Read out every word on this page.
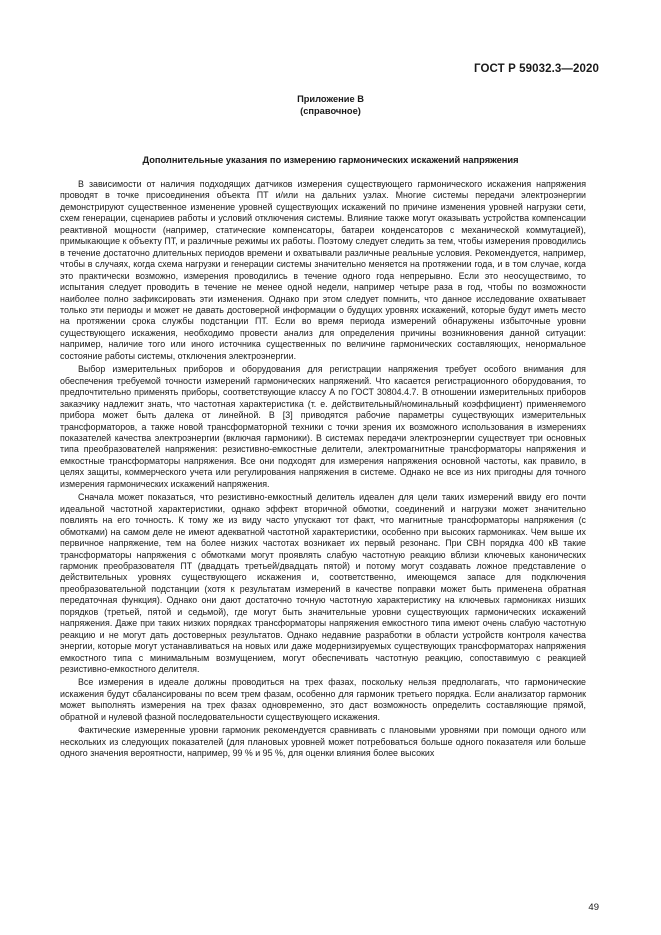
ГОСТ Р 59032.3—2020
Приложение В
(справочное)
Дополнительные указания по измерению гармонических искажений напряжения

В зависимости от наличия подходящих датчиков измерения существующего гармонического искажения напряжения проводят в точке присоединения объекта ПТ и/или на дальних узлах. Многие системы передачи электроэнергии демонстрируют существенное изменение уровней существующих искажений по причине изменения уровней нагрузки сети, схем генерации, сценариев работы и условий отключения системы. Влияние также могут оказывать устройства компенсации реактивной мощности (например, статические компенсаторы, батареи конденсаторов с механической коммутацией), примыкающие к объекту ПТ, и различные режимы их работы. Поэтому следует следить за тем, чтобы измерения проводились в течение достаточно длительных периодов времени и охватывали различные реальные условия. Рекомендуется, например, чтобы в случаях, когда схема нагрузки и генерации системы значительно меняется на протяжении года, и в том случае, когда это практически возможно, измерения проводились в течение одного года непрерывно. Если это неосуществимо, то испытания следует проводить в течение не менее одной недели, например четыре раза в год, чтобы по возможности наиболее полно зафиксировать эти изменения. Однако при этом следует помнить, что данное исследование охватывает только эти периоды и может не давать достоверной информации о будущих уровнях искажений, которые будут иметь место на протяжении срока службы подстанции ПТ. Если во время периода измерений обнаружены избыточные уровни существующего искажения, необходимо провести анализ для определения причины возникновения данной ситуации: например, наличие того или иного источника существенных по величине гармонических составляющих, ненормальное состояние работы системы, отключения электроэнергии.

Выбор измерительных приборов и оборудования для регистрации напряжения требует особого внимания для обеспечения требуемой точности измерений гармонических напряжений. Что касается регистрационного оборудования, то предпочтительно применять приборы, соответствующие классу А по ГОСТ 30804.4.7. В отношении измерительных приборов заказчику надлежит знать, что частотная характеристика (т. е. действительный/номинальный коэффициент) применяемого прибора может быть далека от линейной. В [3] приводятся рабочие параметры существующих измерительных трансформаторов, а также новой трансформаторной техники с точки зрения их возможного использования в измерениях показателей качества электроэнергии (включая гармоники). В системах передачи электроэнергии существует три основных типа преобразователей напряжения: резистивно-емкостные делители, электромагнитные трансформаторы напряжения и емкостные трансформаторы напряжения. Все они подходят для измерения напряжения основной частоты, как правило, в целях защиты, коммерческого учета или регулирования напряжения в системе. Однако не все из них пригодны для точного измерения гармонических искажений напряжения.

Сначала может показаться, что резистивно-емкостный делитель идеален для цели таких измерений ввиду его почти идеальной частотной характеристики, однако эффект вторичной обмотки, соединений и нагрузки может значительно повлиять на его точность. К тому же из виду часто упускают тот факт, что магнитные трансформаторы напряжения (с обмотками) на самом деле не имеют адекватной частотной характеристики, особенно при высоких гармониках. Чем выше их первичное напряжение, тем на более низких частотах возникает их первый резонанс. При СВН порядка 400 кВ такие трансформаторы напряжения с обмотками могут проявлять слабую частотную реакцию вблизи ключевых канонических гармоник преобразователя ПТ (двадцать третьей/двадцать пятой) и потому могут создавать ложное представление о действительных уровнях существующего искажения и, соответственно, имеющемся запасе для подключения преобразовательной подстанции (хотя к результатам измерений в качестве поправки может быть применена обратная передаточная функция). Однако они дают достаточно точную частотную характеристику на ключевых гармониках низших порядков (третьей, пятой и седьмой), где могут быть значительные уровни существующих гармонических искажений напряжения. Даже при таких низких порядках трансформаторы напряжения емкостного типа имеют очень слабую частотную реакцию и не могут дать достоверных результатов. Однако недавние разработки в области устройств контроля качества энергии, которые могут устанавливаться на новых или даже модернизируемых существующих трансформаторах напряжения емкостного типа с минимальным возмущением, могут обеспечивать частотную реакцию, сопоставимую с реакцией резистивно-емкостного делителя.

Все измерения в идеале должны проводиться на трех фазах, поскольку нельзя предполагать, что гармонические искажения будут сбалансированы по всем трем фазам, особенно для гармоник третьего порядка. Если анализатор гармоник может выполнять измерения на трех фазах одновременно, это даст возможность определить составляющие прямой, обратной и нулевой фазной последовательности существующего искажения.

Фактические измеренные уровни гармоник рекомендуется сравнивать с плановыми уровнями при помощи одного или нескольких из следующих показателей (для плановых уровней может потребоваться больше одного показателя или больше одного значения вероятности, например, 99 % и 95 %, для оценки влияния более высоких

49
